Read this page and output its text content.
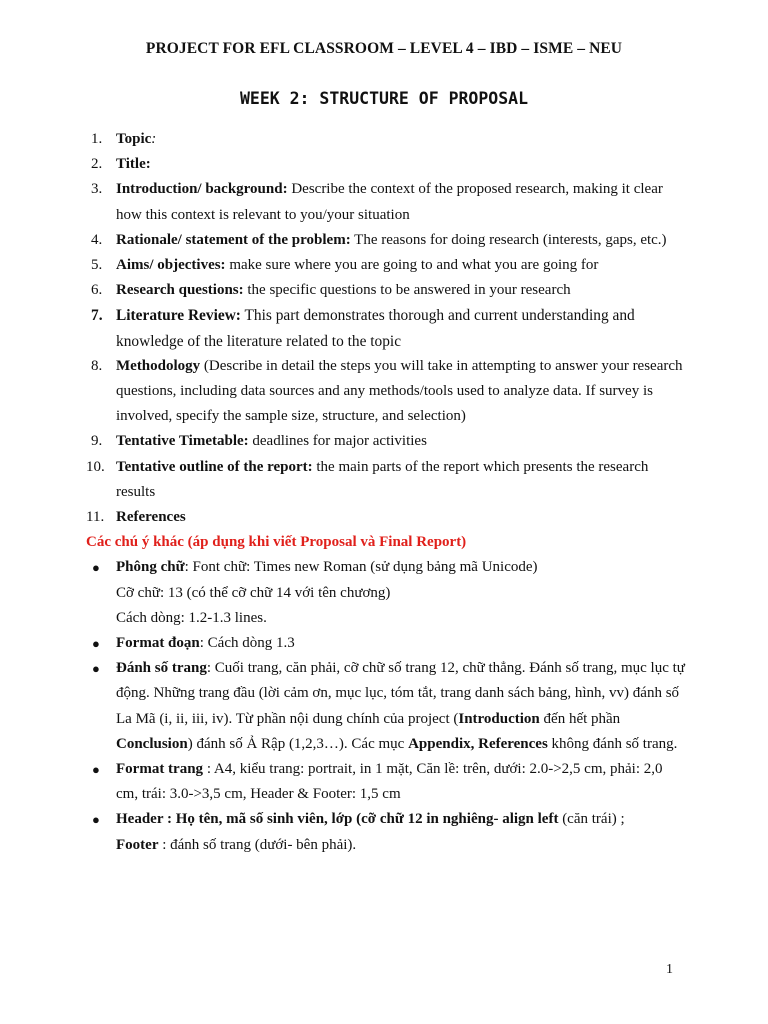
PROJECT FOR EFL CLASSROOM – LEVEL 4 – IBD – ISME – NEU
WEEK 2: STRUCTURE OF PROPOSAL
1. Topic:
2. Title:
3. Introduction/ background: Describe the context of the proposed research, making it clear how this context is relevant to you/your situation
4. Rationale/ statement of the problem: The reasons for doing research (interests, gaps, etc.)
5. Aims/ objectives: make sure where you are going to and what you are going for
6. Research questions: the specific questions to be answered in your research
7. Literature Review: This part demonstrates thorough and current understanding and knowledge of the literature related to the topic
8. Methodology (Describe in detail the steps you will take in attempting to answer your research questions, including data sources and any methods/tools used to analyze data. If survey is involved, specify the sample size, structure, and selection)
9. Tentative Timetable: deadlines for major activities
10. Tentative outline of the report: the main parts of the report which presents the research results
11. References
Các chú ý khác (áp dụng khi viết Proposal và Final Report)
● Phông chữ: Font chữ: Times new Roman (sử dụng bảng mã Unicode)
Cỡ chữ: 13 (có thể cỡ chữ 14 với tên chương)
Cách dòng: 1.2-1.3 lines.
● Format đoạn: Cách dòng 1.3
● Đánh số trang: Cuối trang, căn phải, cỡ chữ số trang 12, chữ thẳng. Đánh số trang, mục lục tự động. Những trang đầu (lời cảm ơn, mục lục, tóm tắt, trang danh sách bảng, hình, vv) đánh số La Mã (i, ii, iii, iv). Từ phần nội dung chính của project (Introduction đến hết phần Conclusion) đánh số Ả Rập (1,2,3…). Các mục Appendix, References không đánh số trang.
● Format trang : A4, kiểu trang: portrait, in 1 mặt, Căn lề: trên, dưới: 2.0->2,5 cm, phải: 2,0 cm, trái: 3.0->3,5 cm, Header & Footer: 1,5 cm
● Header : Họ tên, mã số sinh viên, lớp (cỡ chữ 12 in nghiêng- align left (căn trái) ;
Footer : đánh số trang (dưới- bên phải).
1
